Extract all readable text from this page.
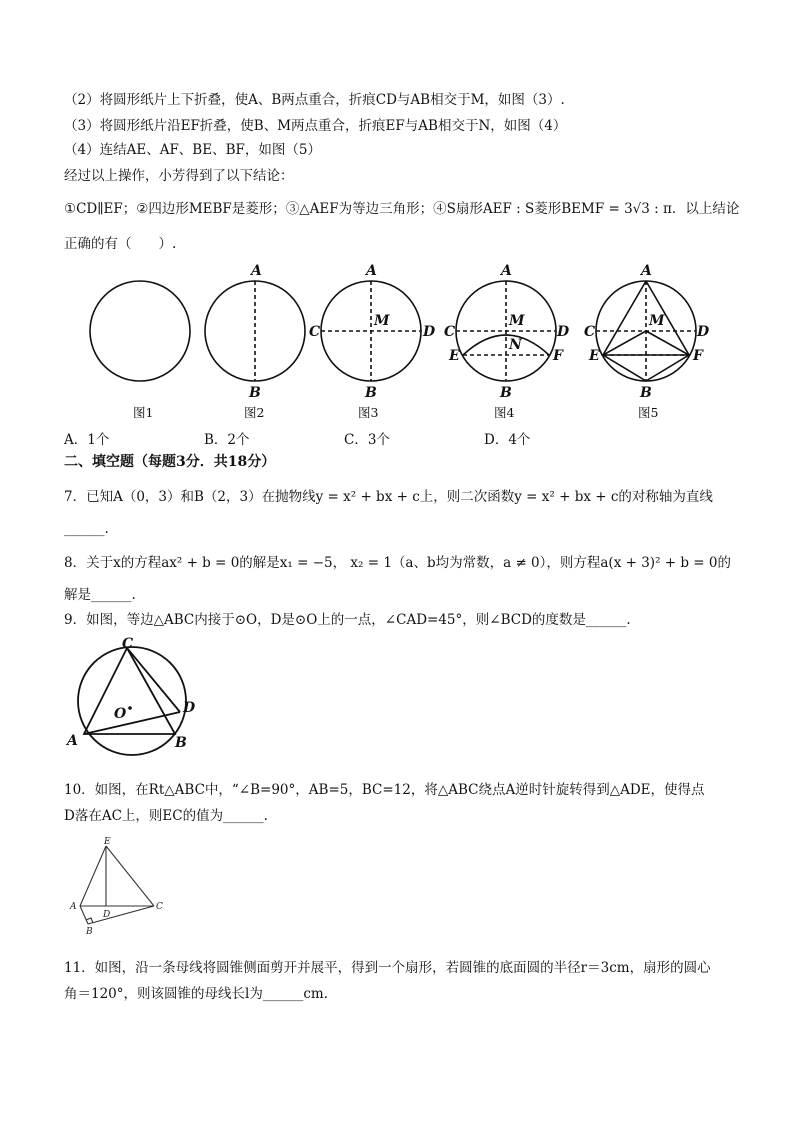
（2）将圆形纸片上下折叠，使A、B两点重合，折痕CD与AB相交于M，如图（3）.
（3）将圆形纸片沿EF折叠，使B、M两点重合，折痕EF与AB相交于N，如图（4）
（4）连结AE、AF、BE、BF，如图（5）
经过以上操作，小芳得到了以下结论：
①CD∥EF；②四边形MEBF是菱形；③△AEF为等边三角形；④S扇形AEF : S菱形BEMF = 3√3 : π．以上结论
正确的有（　　）.
A
B
A
B
C	D
M
A
B
C	D
M
N
E	F
A
B
C	D
M
E	F
图1	图2	图3	图4	图5
A．1个	B．2个	C．3个	D．4个
二、填空题（每题3分．共18分）
7．已知A（0，3）和B（2，3）在抛物线y = x² + bx + c上，则二次函数y = x² + bx + c的对称轴为直线
______.
8．关于x的方程ax² + b = 0的解是x₁ = −5， x₂ = 1（a、b均为常数，a ≠ 0），则方程a(x + 3)² + b = 0的
解是______.
9．如图，等边△ABC内接于⊙O，D是⊙O上的一点，∠CAD=45°，则∠BCD的度数是______.
C
A	B
D
O
10．如图，在Rt△ABC中，“∠B=90°，AB=5，BC=12，将△ABC绕点A逆时针旋转得到△ADE，使得点
D落在AC上，则EC的值为______.
E
A
D
C
B
11．如图，沿一条母线将圆锥侧面剪开并展平，得到一个扇形，若圆锥的底面圆的半径r＝3cm，扇形的圆心
角＝120°，则该圆锥的母线长l为______cm.
